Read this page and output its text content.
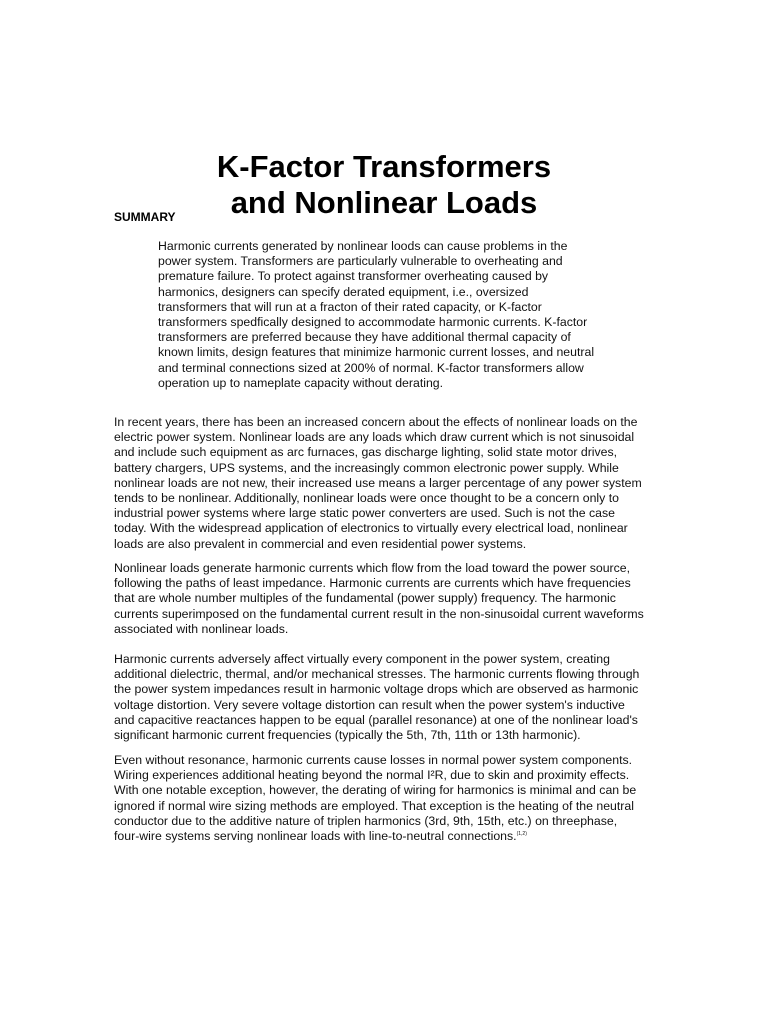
K-Factor Transformers
and Nonlinear Loads
SUMMARY

Harmonic currents generated by nonlinear loods can cause problems in the
power system. Transformers are particularly vulnerable to overheating and
premature failure. To protect against transformer overheating caused by
harmonics, designers can specify derated equipment, i.e., oversized
transformers that will run at a fracton of their rated capacity, or K-factor
transformers spedfically designed to accommodate harmonic currents. K-factor
transformers are preferred because they have additional thermal capacity of
known limits, design features that minimize harmonic current losses, and neutral
and terminal connections sized at 200% of normal. K-factor transformers allow
operation up to nameplate capacity without derating.

In recent years, there has been an increased concern about the effects of nonlinear loads on the
electric power system. Nonlinear loads are any loads which draw current which is not sinusoidal
and include such equipment as arc furnaces, gas discharge lighting, solid state motor drives,
battery chargers, UPS systems, and the increasingly common electronic power supply. While
nonlinear loads are not new, their increased use means a larger percentage of any power system
tends to be nonlinear. Additionally, nonlinear loads were once thought to be a concern only to
industrial power systems where large static power converters are used. Such is not the case
today. With the widespread application of electronics to virtually every electrical load, nonlinear
loads are also prevalent in commercial and even residential power systems.

Nonlinear loads generate harmonic currents which flow from the load toward the power source,
following the paths of least impedance. Harmonic currents are currents which have frequencies
that are whole number multiples of the fundamental (power supply) frequency. The harmonic
currents superimposed on the fundamental current result in the non-sinusoidal current waveforms
associated with nonlinear loads.

Harmonic currents adversely affect virtually every component in the power system, creating
additional dielectric, thermal, and/or mechanical stresses. The harmonic currents flowing through
the power system impedances result in harmonic voltage drops which are observed as harmonic
voltage distortion. Very severe voltage distortion can result when the power system's inductive
and capacitive reactances happen to be equal (parallel resonance) at one of the nonlinear load's
significant harmonic current frequencies (typically the 5th, 7th, 11th or 13th harmonic).

Even without resonance, harmonic currents cause losses in normal power system components.
Wiring experiences additional heating beyond the normal I²R, due to skin and proximity effects.
With one notable exception, however, the derating of wiring for harmonics is minimal and can be
ignored if normal wire sizing methods are employed. That exception is the heating of the neutral
conductor due to the additive nature of triplen harmonics (3rd, 9th, 15th, etc.) on threephase,
four-wire systems serving nonlinear loads with line-to-neutral connections.$^{(1,2)}$
